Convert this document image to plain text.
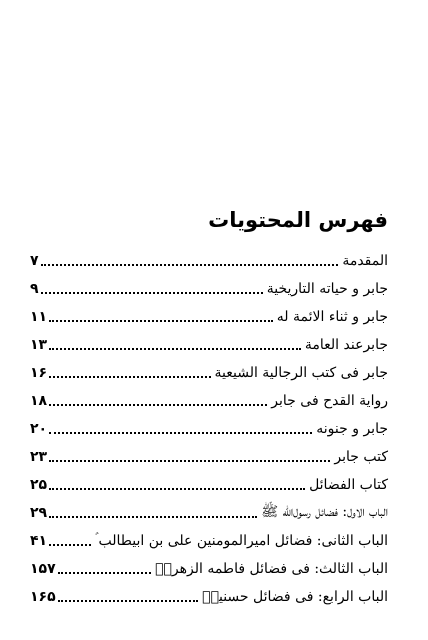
فهرس المحتويات
المقدمة
۷
جابر و حیاته التاریخیة
۹
جابر و ثناء الائمة له
۱۱
جابرعند العامة
۱۳
جابر فی کتب الرجالیة الشیعیة
۱۶
روایة القدح فی جابر
۱۸
جابر و جنونه
۲۰
کتب جابر
۲۳
کتاب الفضائل
۲۵
الباب الاول: فضائل رسول‌الله ﷺ
۲۹
الباب الثانی: فضائل امیرالمومنین علی بن ابیطالب ؑ
۴۱
الباب الثالث: فی فضائل فاطمه الزهراؑ
۱۵۷
الباب الرابع: فی فضائل حسنینؑ
۱۶۵
